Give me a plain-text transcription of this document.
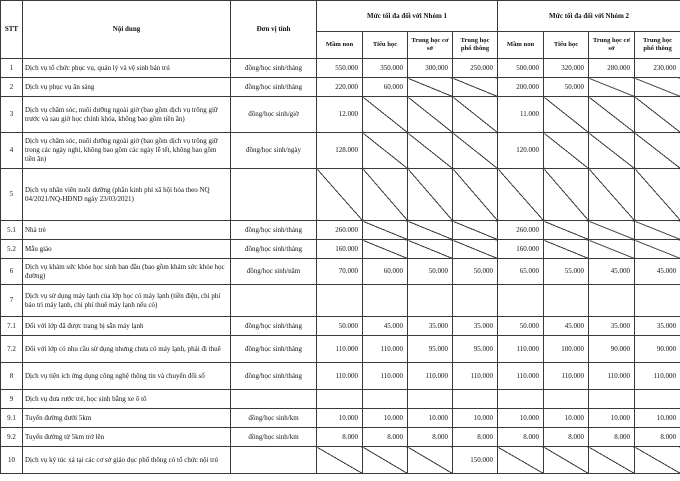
STT	Nội dung	Đơn vị tính	Mức tối đa đối với Nhóm 1				Mức tối đa đối với Nhóm 2			
			Mầm non	Tiểu học	Trung học cơ sở	Trung học phổ thông	Mầm non	Tiểu học	Trung học cơ sở	Trung học phổ thông
1	Dịch vụ tổ chức phục vụ, quản lý và vệ sinh bán trú	đồng/học sinh/tháng	550.000	350.000	300.000	250.000	500.000	320.000	280.000	230.000
2	Dịch vụ phục vụ ăn sáng	đồng/học sinh/tháng	220.000	60.000			200.000	50.000		
3	Dịch vụ chăm sóc, nuôi dưỡng ngoài giờ (bao gồm dịch vụ trông giữ trước và sau giờ học chính khóa, không bao gồm tiền ăn)	đồng/học sinh/giờ	12.000				11.000			
4	Dịch vụ chăm sóc, nuôi dưỡng ngoài giờ (bao gồm dịch vụ trông giữ trong các ngày nghỉ, không bao gồm các ngày lễ tết, không bao gồm tiền ăn)	đồng/học sinh/ngày	128.000				120.000			
5	Dịch vụ nhân viên nuôi dưỡng (phần kinh phí xã hội hóa theo NQ 04/2021/NQ-HĐND ngày 23/03/2021)									
5.1	Nhà trẻ	đồng/học sinh/tháng	260.000				260.000			
5.2	Mẫu giáo	đồng/học sinh/tháng	160.000				160.000			
6	Dịch vụ khám sức khỏe học sinh ban đầu (bao gồm khám sức khỏe học đường)	đồng/học sinh/năm	70.000	60.000	50.000	50.000	65.000	55.000	45.000	45.000
7	Dịch vụ sử dụng máy lạnh của lớp học có máy lạnh (tiền điện, chi phí bảo trì máy lạnh, chi phí thuê máy lạnh nếu có)									
7.1	Đối với lớp đã được trang bị sẵn máy lạnh	đồng/học sinh/tháng	50.000	45.000	35.000	35.000	50.000	45.000	35.000	35.000
7.2	Đối với lớp có nhu cầu sử dụng nhưng chưa có máy lạnh, phải đi thuê	đồng/học sinh/tháng	110.000	110.000	95.000	95.000	110.000	100.000	90.000	90.000
8	Dịch vụ tiện ích ứng dụng công nghệ thông tin và chuyển đổi số	đồng/học sinh/tháng	110.000	110.000	110.000	110.000	110.000	110.000	110.000	110.000
9	Dịch vụ đưa rước trẻ, học sinh bằng xe ô tô									
9.1	Tuyến đường dưới 5km	đồng/học sinh/km	10.000	10.000	10.000	10.000	10.000	10.000	10.000	10.000
9.2	Tuyến đường từ 5km trở lên	đồng/học sinh/km	8.000	8.000	8.000	8.000	8.000	8.000	8.000	8.000
10	Dịch vụ ký túc xá tại các cơ sở giáo dục phổ thông có tổ chức nội trú					150.000				
